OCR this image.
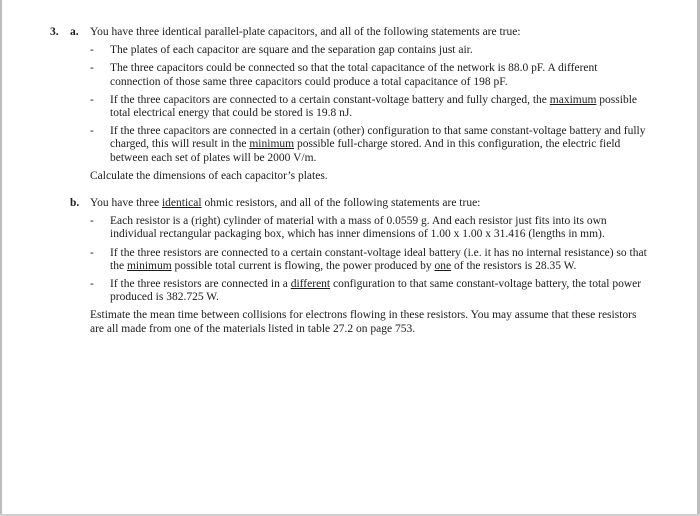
3. a. You have three identical parallel-plate capacitors, and all of the following statements are true:

- The plates of each capacitor are square and the separation gap contains just air.
- The three capacitors could be connected so that the total capacitance of the network is 88.0 pF. A different connection of those same three capacitors could produce a total capacitance of 198 pF.
- If the three capacitors are connected to a certain constant-voltage battery and fully charged, the maximum possible total electrical energy that could be stored is 19.8 nJ.
- If the three capacitors are connected in a certain (other) configuration to that same constant-voltage battery and fully charged, this will result in the minimum possible full-charge stored. And in this configuration, the electric field between each set of plates will be 2000 V/m.

Calculate the dimensions of each capacitor’s plates.

b. You have three identical ohmic resistors, and all of the following statements are true:

- Each resistor is a (right) cylinder of material with a mass of 0.0559 g. And each resistor just fits into its own individual rectangular packaging box, which has inner dimensions of 1.00 x 1.00 x 31.416 (lengths in mm).
- If the three resistors are connected to a certain constant-voltage ideal battery (i.e. it has no internal resistance) so that the minimum possible total current is flowing, the power produced by one of the resistors is 28.35 W.
- If the three resistors are connected in a different configuration to that same constant-voltage battery, the total power produced is 382.725 W.

Estimate the mean time between collisions for electrons flowing in these resistors. You may assume that these resistors are all made from one of the materials listed in table 27.2 on page 753.
